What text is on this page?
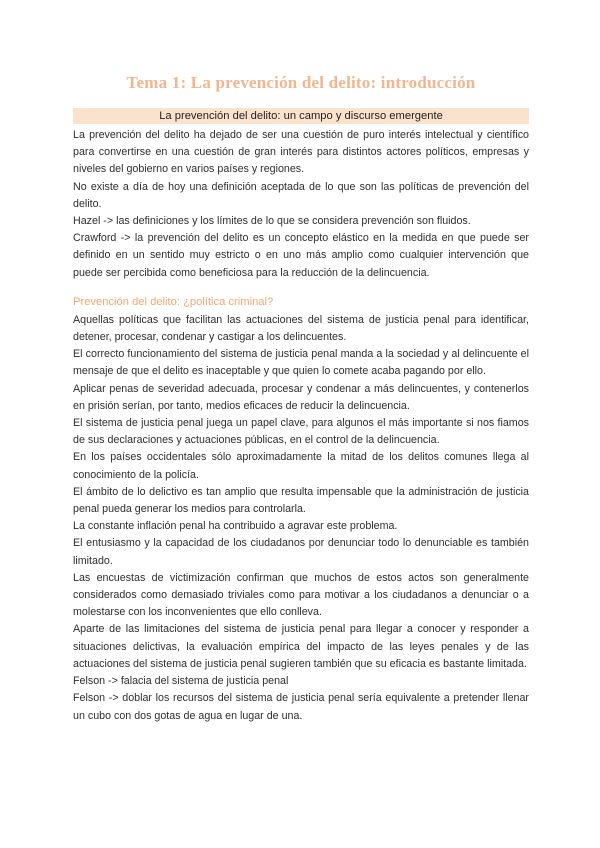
Tema 1: La prevención del delito: introducción
La prevención del delito: un campo y discurso emergente

La prevención del delito ha dejado de ser una cuestión de puro interés intelectual y científico para convertirse en una cuestión de gran interés para distintos actores políticos, empresas y niveles del gobierno en varios países y regiones.

No existe a día de hoy una definición aceptada de lo que son las políticas de prevención del delito.

Hazel -> las definiciones y los límites de lo que se considera prevención son fluidos.

Crawford -> la prevención del delito es un concepto elástico en la medida en que puede ser definido en un sentido muy estricto o en uno más amplio como cualquier intervención que puede ser percibida como beneficiosa para la reducción de la delincuencia.

Prevención del delito: ¿política criminal?

Aquellas políticas que facilitan las actuaciones del sistema de justicia penal para identificar, detener, procesar, condenar y castigar a los delincuentes.

El correcto funcionamiento del sistema de justicia penal manda a la sociedad y al delincuente el mensaje de que el delito es inaceptable y que quien lo comete acaba pagando por ello.

Aplicar penas de severidad adecuada, procesar y condenar a más delincuentes, y contenerlos en prisión serían, por tanto, medios eficaces de reducir la delincuencia.

El sistema de justicia penal juega un papel clave, para algunos el más importante si nos fiamos de sus declaraciones y actuaciones públicas, en el control de la delincuencia.

En los países occidentales sólo aproximadamente la mitad de los delitos comunes llega al conocimiento de la policía.

El ámbito de lo delictivo es tan amplio que resulta impensable que la administración de justicia penal pueda generar los medios para controlarla.

La constante inflación penal ha contribuido a agravar este problema.

El entusiasmo y la capacidad de los ciudadanos por denunciar todo lo denunciable es también limitado.

Las encuestas de victimización confirman que muchos de estos actos son generalmente considerados como demasiado triviales como para motivar a los ciudadanos a denunciar o a molestarse con los inconvenientes que ello conlleva.

Aparte de las limitaciones del sistema de justicia penal para llegar a conocer y responder a situaciones delictivas, la evaluación empírica del impacto de las leyes penales y de las actuaciones del sistema de justicia penal sugieren también que su eficacia es bastante limitada.

Felson -> falacia del sistema de justicia penal

Felson -> doblar los recursos del sistema de justicia penal sería equivalente a pretender llenar un cubo con dos gotas de agua en lugar de una.
